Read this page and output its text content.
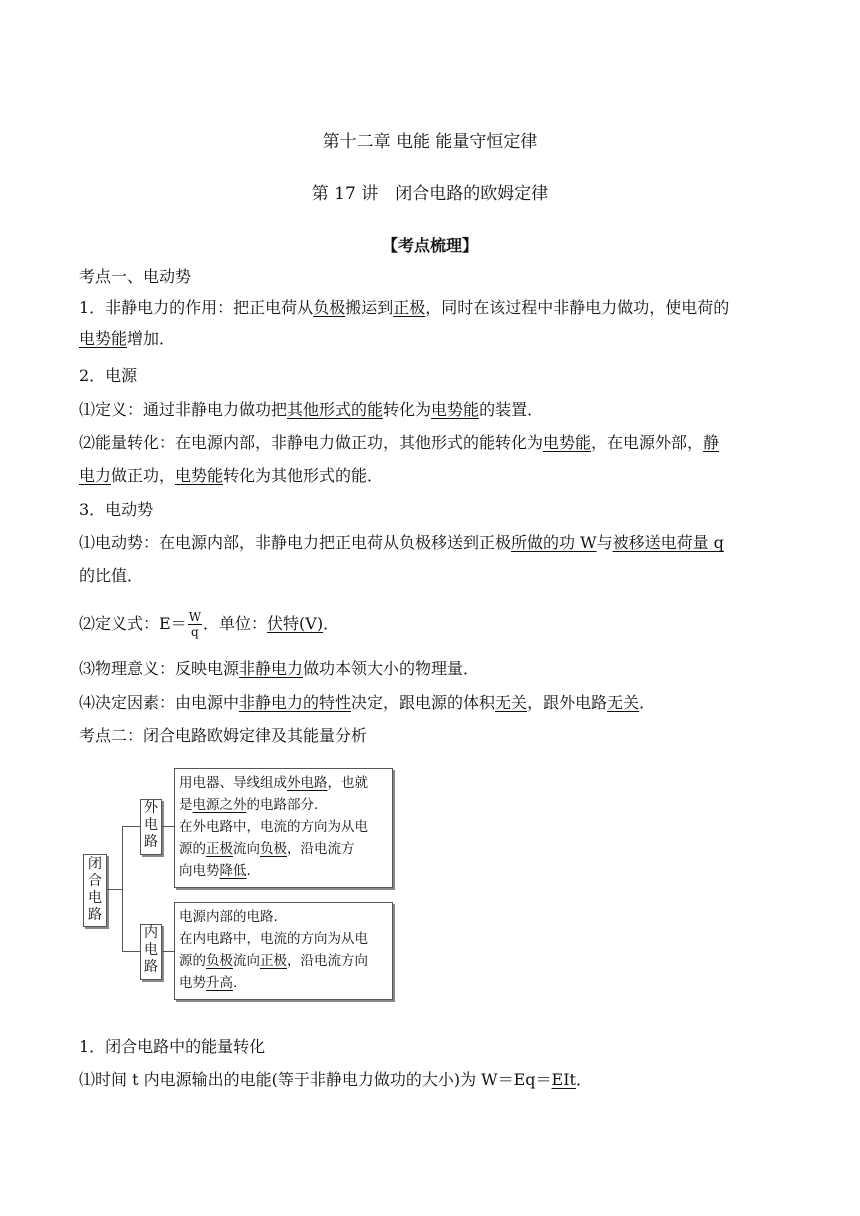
第十二章 电能 能量守恒定律
第 17 讲　闭合电路的欧姆定律
【考点梳理】
考点一、电动势
1．非静电力的作用：把正电荷从负极搬运到正极，同时在该过程中非静电力做功，使电荷的
电势能增加．
2．电源
⑴定义：通过非静电力做功把其他形式的能转化为电势能的装置．
⑵能量转化：在电源内部，非静电力做正功，其他形式的能转化为电势能，在电源外部，静
电力做正功，电势能转化为其他形式的能．
3．电动势
⑴电动势：在电源内部，非静电力把正电荷从负极移送到正极所做的功 W与被移送电荷量 q
的比值．
⑵定义式：$E= \frac{W}{q}$ ．单位：伏特(V)．
⑶物理意义：反映电源非静电力做功本领大小的物理量．
⑷决定因素：由电源中非静电力的特性决定，跟电源的体积无关，跟外电路无关．
考点二：闭合电路欧姆定律及其能量分析
闭
合
电
路
外
电
路
内
电
路
用电器、导线组成外电路，也就
是电源之外的电路部分.
在外电路中，电流的方向为从电
源的正极流向负极，沿电流方
向电势降低.
电源内部的电路.
在内电路中，电流的方向为从电
源的负极流向正极，沿电流方向
电势升高.
1．闭合电路中的能量转化
⑴时间 t 内电源输出的电能(等于非静电力做功的大小)为 W＝Eq＝EIt．
